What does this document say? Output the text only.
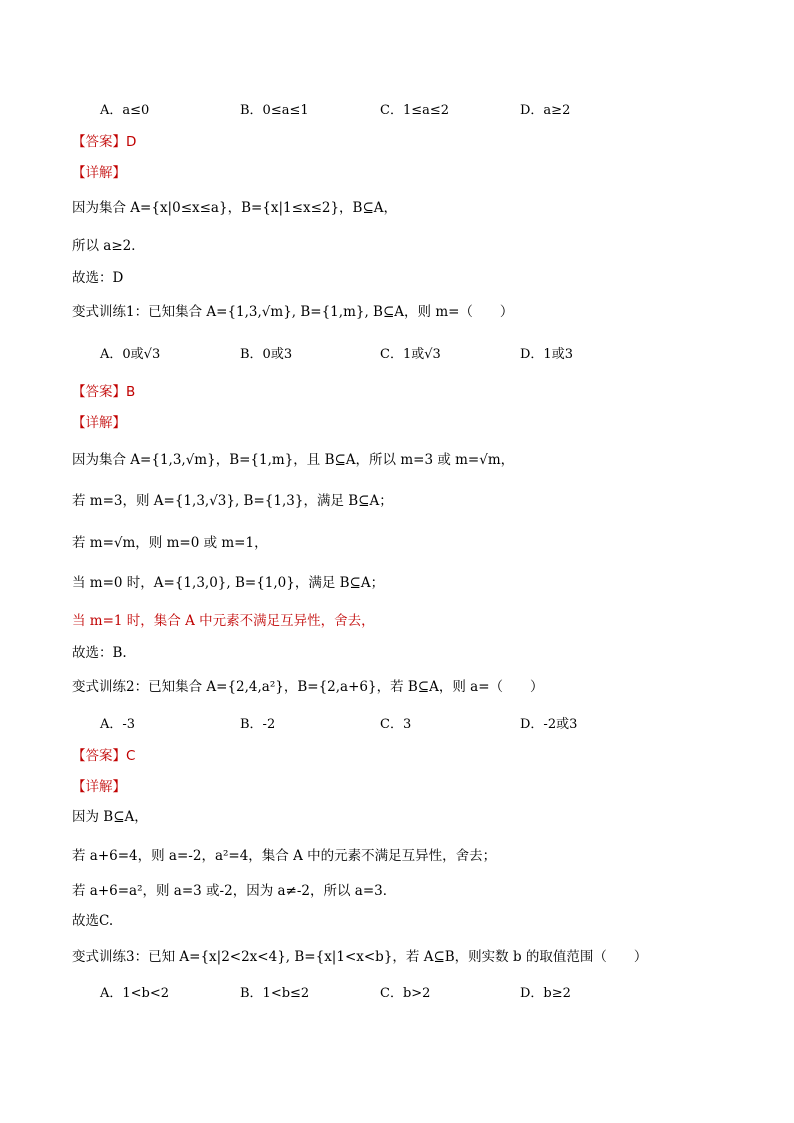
A．a≤0	B．0≤a≤1	C．1≤a≤2	D．a≥2
【答案】D
【详解】
因为集合 A={x|0≤x≤a}，B={x|1≤x≤2}，B⊆A，
所以 a≥2．
故选：D
变式训练1：已知集合 A={1,3,√m}, B={1,m}, B⊆A，则 m=（　　）
A．0或√3	B．0或3	C．1或√3	D．1或3
【答案】B
【详解】
因为集合 A={1,3,√m}，B={1,m}，且 B⊆A，所以 m=3 或 m=√m，
若 m=3，则 A={1,3,√3}, B={1,3}，满足 B⊆A；
若 m=√m，则 m=0 或 m=1，
当 m=0 时，A={1,3,0}, B={1,0}，满足 B⊆A；
当 m=1 时，集合 A 中元素不满足互异性，舍去，
故选：B.
变式训练2：已知集合 A={2,4,a²}，B={2,a+6}，若 B⊆A，则 a=（　　）
A．-3	B．-2	C．3	D．-2或3
【答案】C
【详解】
因为 B⊆A，
若 a+6=4，则 a=-2，a²=4，集合 A 中的元素不满足互异性，舍去；
若 a+6=a²，则 a=3 或-2，因为 a≠-2，所以 a=3．
故选C.
变式训练3：已知 A={x|2<2x<4}, B={x|1<x<b}，若 A⊆B，则实数 b 的取值范围（　　）
A．1<b<2	B．1<b≤2	C．b>2	D．b≥2
